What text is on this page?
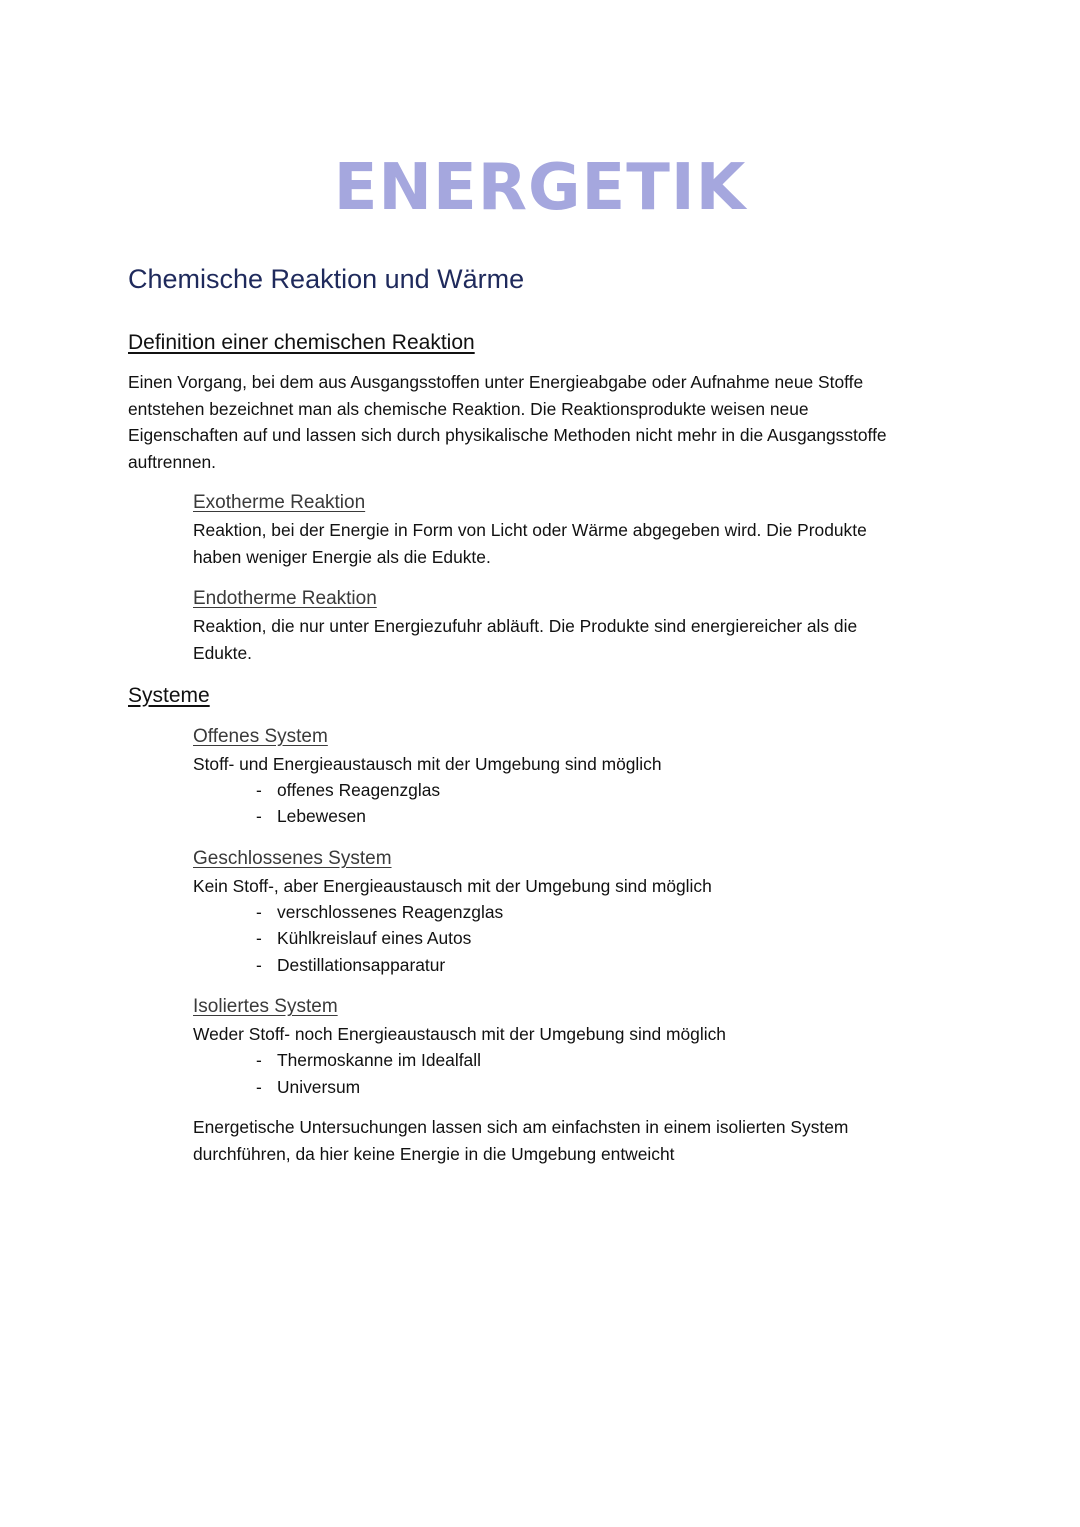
ENERGETIK
Chemische Reaktion und Wärme
Definition einer chemischen Reaktion
Einen Vorgang, bei dem aus Ausgangsstoffen unter Energieabgabe oder Aufnahme neue Stoffe
entstehen bezeichnet man als chemische Reaktion. Die Reaktionsprodukte weisen neue
Eigenschaften auf und lassen sich durch physikalische Methoden nicht mehr in die Ausgangsstoffe
auftrennen.
Exotherme Reaktion
Reaktion, bei der Energie in Form von Licht oder Wärme abgegeben wird. Die Produkte
haben weniger Energie als die Edukte.
Endotherme Reaktion
Reaktion, die nur unter Energiezufuhr abläuft. Die Produkte sind energiereicher als die
Edukte.
Systeme
Offenes System
Stoff- und Energieaustausch mit der Umgebung sind möglich
- offenes Reagenzglas
- Lebewesen
Geschlossenes System
Kein Stoff-, aber Energieaustausch mit der Umgebung sind möglich
- verschlossenes Reagenzglas
- Kühlkreislauf eines Autos
- Destillationsapparatur
Isoliertes System
Weder Stoff- noch Energieaustausch mit der Umgebung sind möglich
- Thermoskanne im Idealfall
- Universum
Energetische Untersuchungen lassen sich am einfachsten in einem isolierten System
durchführen, da hier keine Energie in die Umgebung entweicht
